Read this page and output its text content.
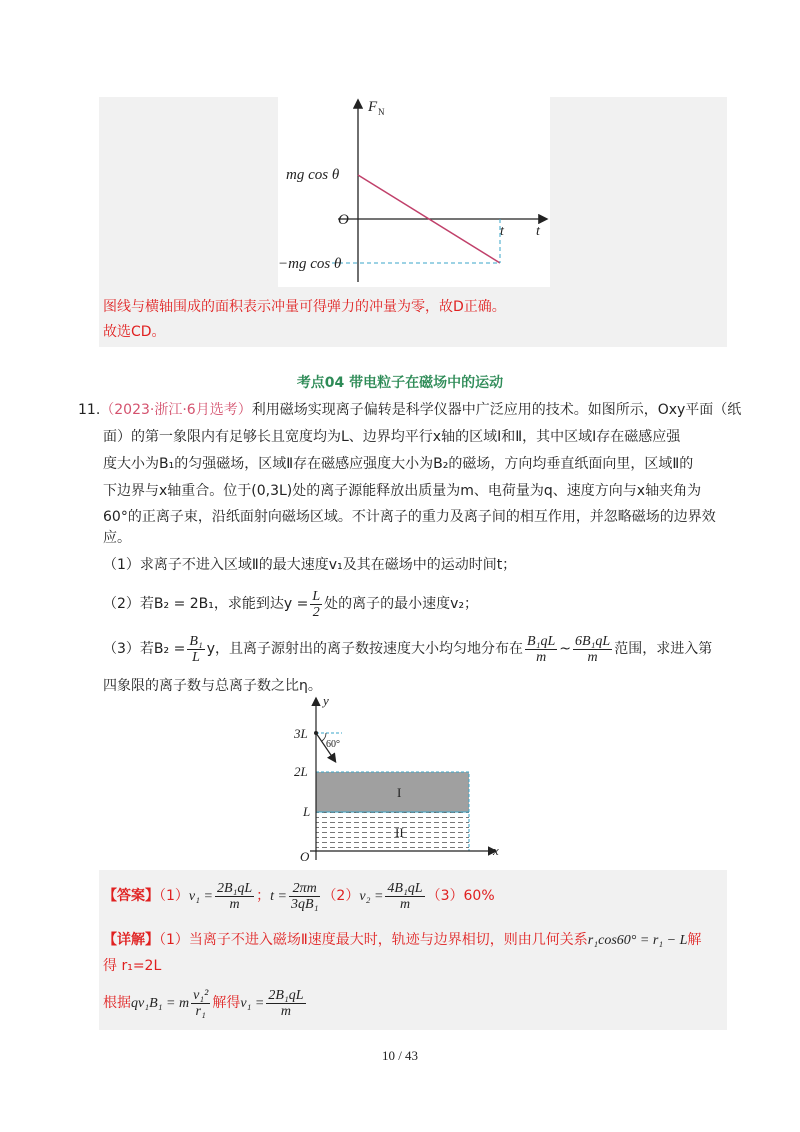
F N
mg cos θ
O
−mg cos θ
t t
图线与横轴围成的面积表示冲量可得弹力的冲量为零，故D正确。
故选CD。
考点04 带电粒子在磁场中的运动
11.（2023·浙江·6月选考）利用磁场实现离子偏转是科学仪器中广泛应用的技术。如图所示，Oxy平面（纸
面）的第一象限内有足够长且宽度均为L、边界均平行x轴的区域Ⅰ和Ⅱ，其中区域Ⅰ存在磁感应强
度大小为B₁的匀强磁场，区域Ⅱ存在磁感应强度大小为B₂的磁场，方向均垂直纸面向里，区域Ⅱ的
下边界与x轴重合。位于(0,3L)处的离子源能释放出质量为m、电荷量为q、速度方向与x轴夹角为
60°的正离子束，沿纸面射向磁场区域。不计离子的重力及离子间的相互作用，并忽略磁场的边界效
应。
（1）求离子不进入区域Ⅱ的最大速度v₁及其在磁场中的运动时间t；
（2）若B₂ = 2B₁，求能到达$y = \frac{L}{2}$ 处的离子的最小速度v₂；
（3）若$B_2 = \frac{\text{B₁}}{L}$ y，且离子源射出的离子数按速度大小均匀地分布在 $\frac{\text{B₁qL}}{m}$ ~ $\frac{\text{6B₁qL}}{m}$ 范围，求进入第
四象限的离子数与总离子数之比η。
y
x
3L
2L
L
O
60°
I
II
【答案】$(1)v_1 = \frac{\text{2B₁qL}}{m}$ ；$t = \frac{2\pi m}{\text{3qB₁}} (2)v_2 = \frac{\text{4B₁qL}}{m} (3)60\%$
【详解】（1）当离子不进入磁场Ⅱ速度最大时，轨迹与边界相切，则由几何关系r₁cos60° = r₁ − L解
得 r₁=2L
根据qv₁B₁ = m $\frac{\text{v₁²}}{\text{r₁}}$ 解得$v_1 = \frac{\text{2B₁qL}}{m}$
10 / 43
